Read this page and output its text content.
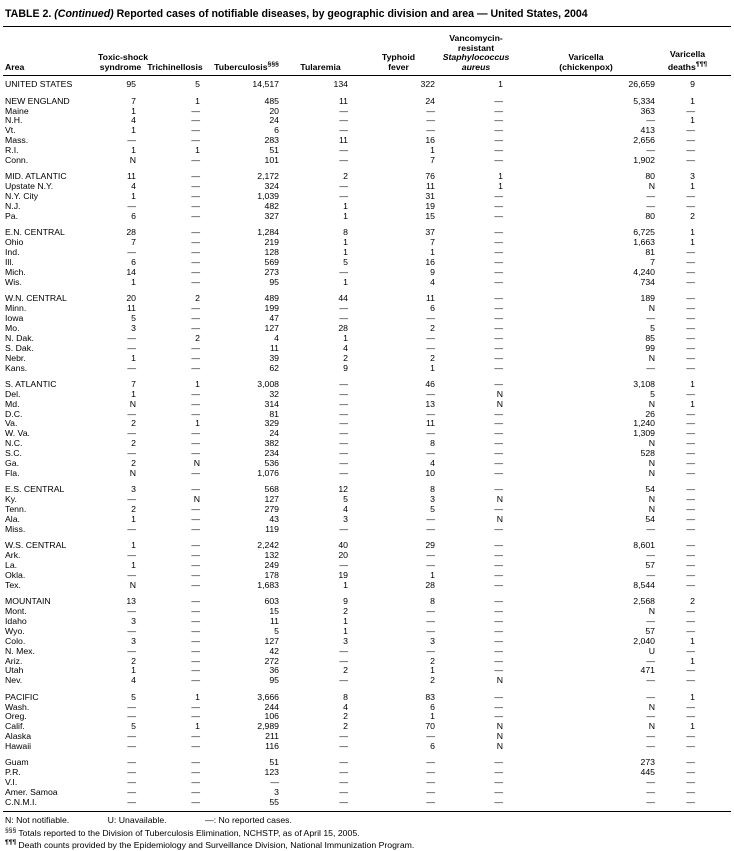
TABLE 2. (Continued) Reported cases of notifiable diseases, by geographic division and area — United States, 2004
Area

Toxic-shock
syndrome	Trichinellosis	Tuberculosis§§§	Tularemia

Typhoid
fever

Vancomycin-
resistant
Staphylococcus
aureus

Varicella
(chickenpox)

Varicella
deaths¶¶¶

UNITED STATES	95	5	14,517	134	322	1	26,659	9
NEW ENGLAND	7	1	485	11	24	—	5,334	1
Maine	1	—	20	—	—	—	363	—
N.H.	4	—	24	—	—	—	—	1
Vt.	1	—	6	—	—	—	413	—
Mass.	—	—	283	11	16	—	2,656	—
R.I.	1	1	51	—	1	—	—	—
Conn.	N	—	101	—	7	—	1,902	—
MID. ATLANTIC	11	—	2,172	2	76	1	80	3
Upstate N.Y.	4	—	324	—	11	1	N	1
N.Y. City	1	—	1,039	—	31	—	—	—
N.J.	—	—	482	1	19	—	—	—
Pa.	6	—	327	1	15	—	80	2
E.N. CENTRAL	28	—	1,284	8	37	—	6,725	1
Ohio	7	—	219	1	7	—	1,663	1
Ind.	—	—	128	1	1	—	81	—
Ill.	6	—	569	5	16	—	7	—
Mich.	14	—	273	—	9	—	4,240	—
Wis.	1	—	95	1	4	—	734	—
W.N. CENTRAL	20	2	489	44	11	—	189	—
Minn.	11	—	199	—	6	—	N	—
Iowa	5	—	47	—	—	—	—	—
Mo.	3	—	127	28	2	—	5	—
N. Dak.	—	2	4	1	—	—	85	—
S. Dak.	—	—	11	4	—	—	99	—
Nebr.	1	—	39	2	2	—	N	—
Kans.	—	—	62	9	1	—	—	—
S. ATLANTIC	7	1	3,008	—	46	—	3,108	1
Del.	1	—	32	—	—	N	5	—
Md.	N	—	314	—	13	N	N	1
D.C.	—	—	81	—	—	—	26	—
Va.	2	1	329	—	11	—	1,240	—
W. Va.	—	—	24	—	—	—	1,309	—
N.C.	2	—	382	—	8	—	N	—
S.C.	—	—	234	—	—	—	528	—
Ga.	2	N	536	—	4	—	N	—
Fla.	N	—	1,076	—	10	—	N	—
E.S. CENTRAL	3	—	568	12	8	—	54	—
Ky.	—	N	127	5	3	N	N	—
Tenn.	2	—	279	4	5	—	N	—
Ala.	1	—	43	3	—	N	54	—
Miss.	—	—	119	—	—	—	—	—
W.S. CENTRAL	1	—	2,242	40	29	—	8,601	—
Ark.	—	—	132	20	—	—	—	—
La.	1	—	249	—	—	—	57	—
Okla.	—	—	178	19	1	—	—	—
Tex.	N	—	1,683	1	28	—	8,544	—
MOUNTAIN	13	—	603	9	8	—	2,568	2
Mont.	—	—	15	2	—	—	N	—
Idaho	3	—	11	1	—	—	—	—
Wyo.	—	—	5	1	—	—	57	—
Colo.	3	—	127	3	3	—	2,040	1
N. Mex.	—	—	42	—	—	—	U	—
Ariz.	2	—	272	—	2	—	—	1
Utah	1	—	36	2	1	—	471	—
Nev.	4	—	95	—	2	N	—	—
PACIFIC	5	1	3,666	8	83	—	—	1
Wash.	—	—	244	4	6	—	N	—
Oreg.	—	—	106	2	1	—	—	—
Calif.	5	1	2,989	2	70	N	N	1
Alaska	—	—	211	—	—	N	—	—
Hawaii	—	—	116	—	6	N	—	—
Guam	—	—	51	—	—	—	273	—
P.R.	—	—	123	—	—	—	445	—
V.I.	—	—	—	—	—	—	—	—
Amer. Samoa	—	—	3	—	—	—	—	—
C.N.M.I.	—	—	55	—	—	—	—	—
N: Not notifiable.	U: Unavailable.	—: No reported cases.
§§§ Totals reported to the Division of Tuberculosis Elimination, NCHSTP, as of April 15, 2005.
¶¶¶ Death counts provided by the Epidemiology and Surveillance Division, National Immunization Program.
